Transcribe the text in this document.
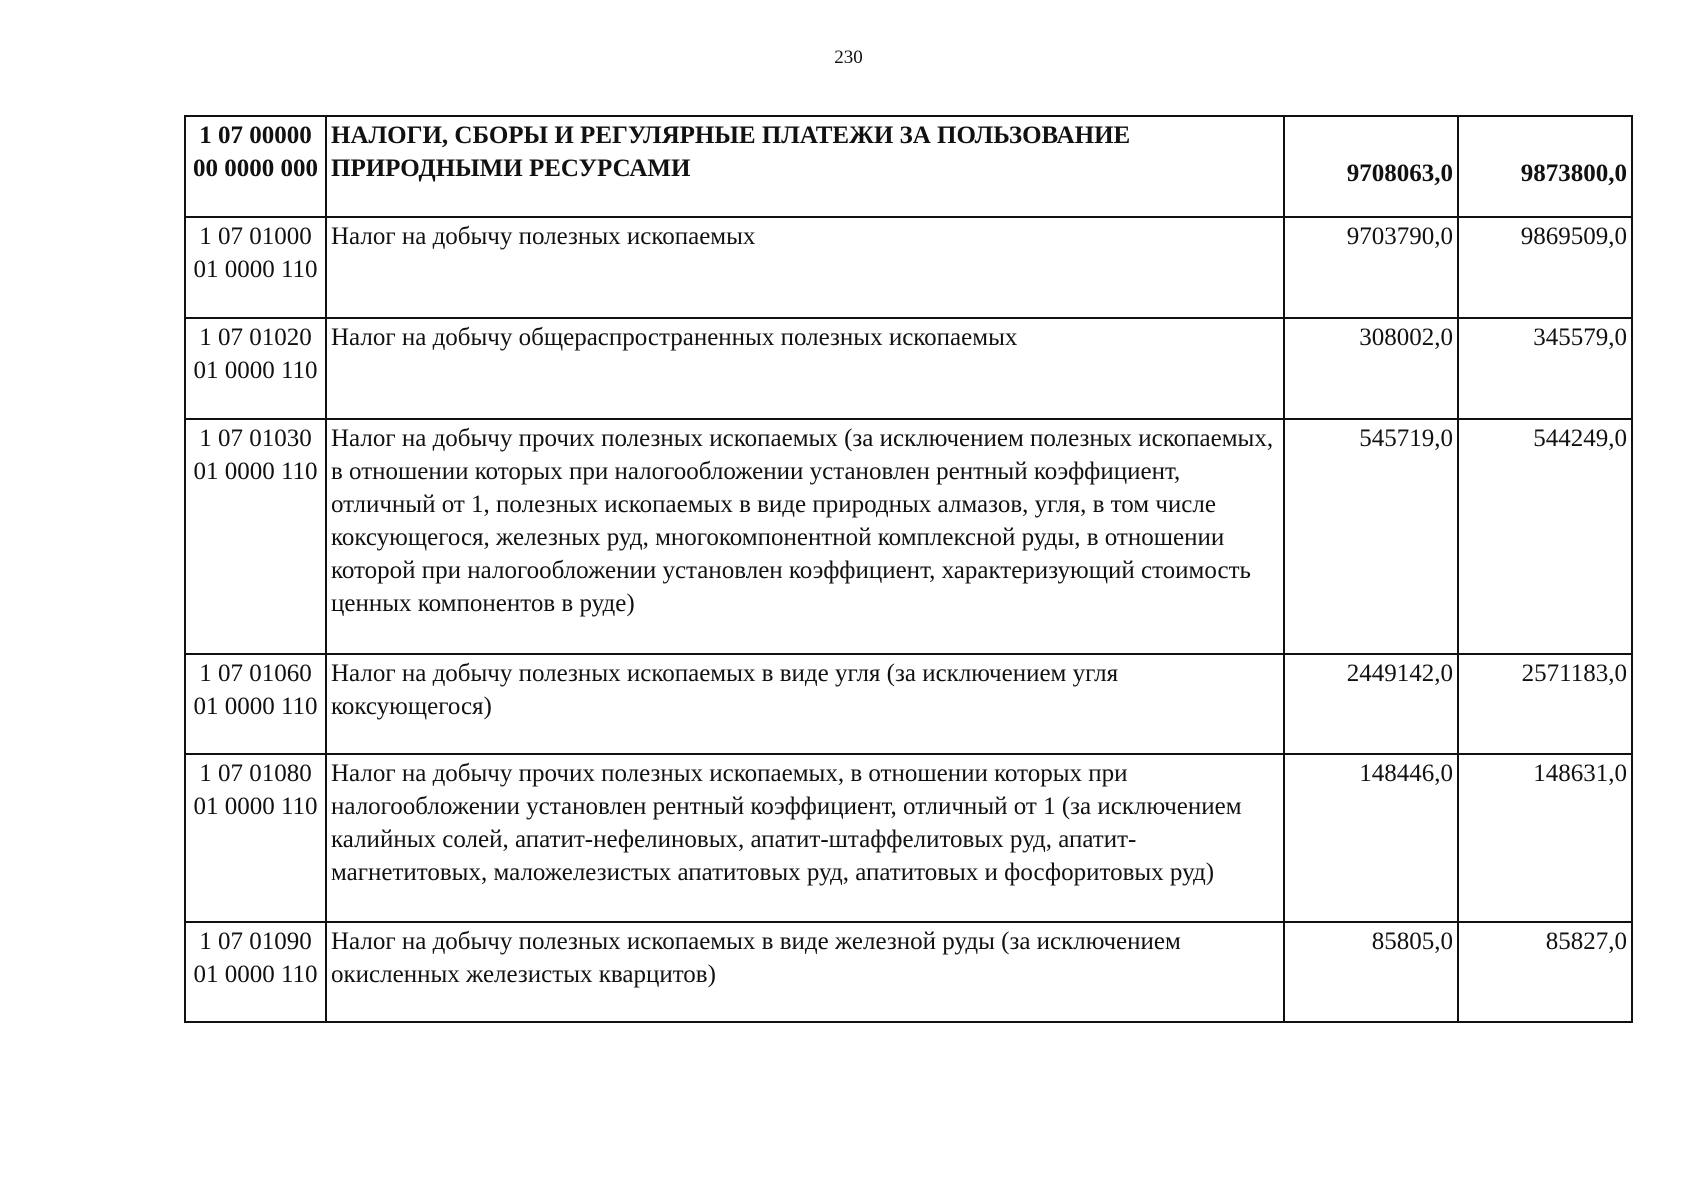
230
1 07 00000 00 0000 000	НАЛОГИ, СБОРЫ И РЕГУЛЯРНЫЕ ПЛАТЕЖИ ЗА ПОЛЬЗОВАНИЕ ПРИРОДНЫМИ РЕСУРСАМИ	9708063,0	9873800,0
1 07 01000 01 0000 110	Налог на добычу полезных ископаемых	9703790,0	9869509,0
1 07 01020 01 0000 110	Налог на добычу общераспространенных полезных ископаемых	308002,0	345579,0
1 07 01030 01 0000 110	Налог на добычу прочих полезных ископаемых (за исключением полезных ископаемых, в отношении которых при налогообложении установлен рентный коэффициент, отличный от 1, полезных ископаемых в виде природных алмазов, угля, в том числе коксующегося, железных руд, многокомпонентной комплексной руды, в отношении которой при налогообложении установлен коэффициент, характеризующий стоимость ценных компонентов в руде)	545719,0	544249,0
1 07 01060 01 0000 110	Налог на добычу полезных ископаемых в виде угля (за исключением угля коксующегося)	2449142,0	2571183,0
1 07 01080 01 0000 110	Налог на добычу прочих полезных ископаемых, в отношении которых при налогообложении установлен рентный коэффициент, отличный от 1 (за исключением калийных солей, апатит-нефелиновых, апатит-штаффелитовых руд, апатит-магнетитовых, маложелезистых апатитовых руд, апатитовых и фосфоритовых руд)	148446,0	148631,0
1 07 01090 01 0000 110	Налог на добычу полезных ископаемых в виде железной руды (за исключением окисленных железистых кварцитов)	85805,0	85827,0
